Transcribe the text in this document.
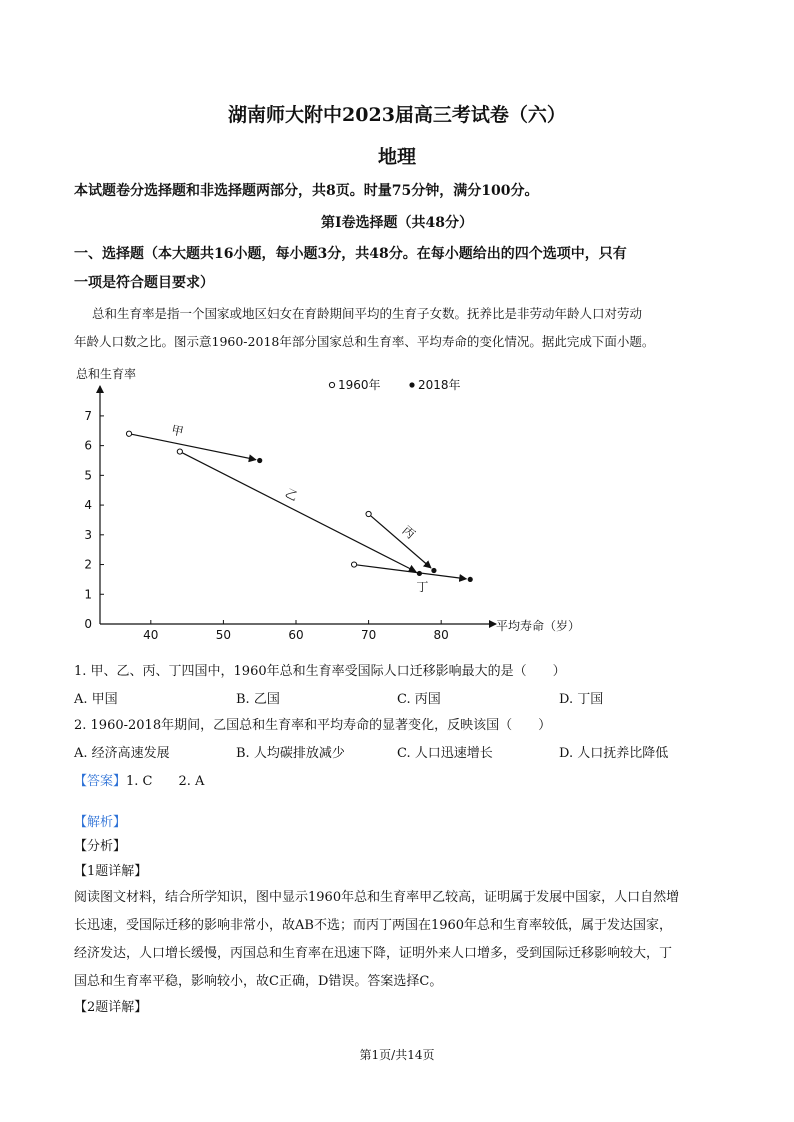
湖南师大附中2023届高三考试卷（六）
地理
本试题卷分选择题和非选择题两部分，共8页。时量75分钟，满分100分。
第Ⅰ卷选择题（共48分）
一、选择题（本大题共16小题，每小题3分，共48分。在每小题给出的四个选项中，只有
一项是符合题目要求）
总和生育率是指一个国家或地区妇女在育龄期间平均的生育子女数。抚养比是非劳动年龄人口对劳动
年龄人口数之比。图示意1960-2018年部分国家总和生育率、平均寿命的变化情况。据此完成下面小题。
总和生育率
平均寿命（岁）
1960年	2018年
0
1
2
3
4
5
6
7
40	50	60	70	80
甲
乙
丙
丁
1. 甲、乙、丙、丁四国中，1960年总和生育率受国际人口迁移影响最大的是（　　）
A. 甲国	B. 乙国	C. 丙国	D. 丁国
2. 1960-2018年期间，乙国总和生育率和平均寿命的显著变化，反映该国（　　）
A. 经济高速发展	B. 人均碳排放减少	C. 人口迅速增长	D. 人口抚养比降低
【答案】1. C　　2. A
【解析】
【分析】
【1题详解】
阅读图文材料，结合所学知识，图中显示1960年总和生育率甲乙较高，证明属于发展中国家，人口自然增
长迅速，受国际迁移的影响非常小，故AB不选；而丙丁两国在1960年总和生育率较低，属于发达国家，
经济发达，人口增长缓慢，丙国总和生育率在迅速下降，证明外来人口增多，受到国际迁移影响较大，丁
国总和生育率平稳，影响较小，故C正确，D错误。答案选择C。
【2题详解】
第1页/共14页
